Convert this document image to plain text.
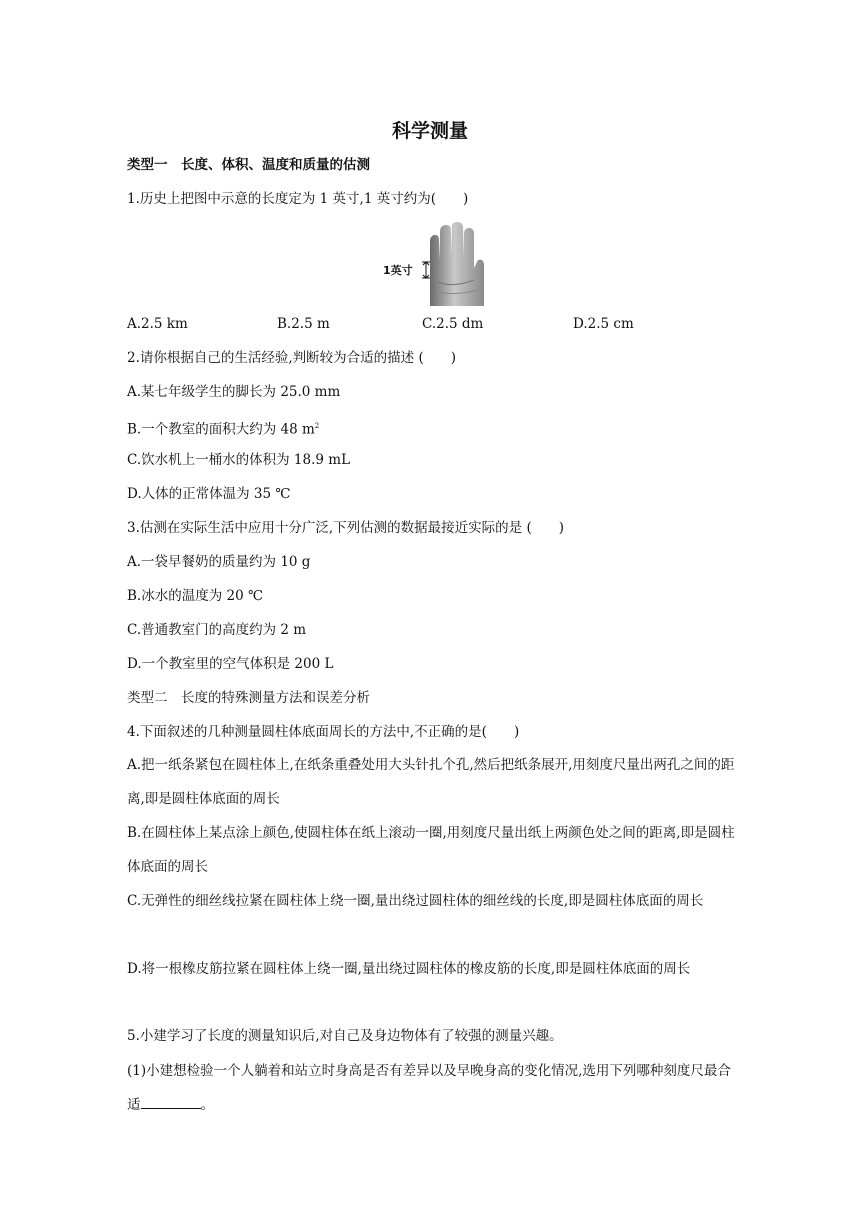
科学测量
类型一　长度、体积、温度和质量的估测
1.历史上把图中示意的长度定为 1 英寸,1 英寸约为(　　)
1英寸
A.2.5 km	B.2.5 m	C.2.5 dm	D.2.5 cm
2.请你根据自己的生活经验,判断较为合适的描述 (　　)
A.某七年级学生的脚长为 25.0 mm
B.一个教室的面积大约为 48 $m^2$
C.饮水机上一桶水的体积为 18.9 mL
D.人体的正常体温为 35 ℃
3.估测在实际生活中应用十分广泛,下列估测的数据最接近实际的是 (　　)
A.一袋早餐奶的质量约为 10 g
B.冰水的温度为 20 ℃
C.普通教室门的高度约为 2 m
D.一个教室里的空气体积是 200 L
类型二　长度的特殊测量方法和误差分析
4.下面叙述的几种测量圆柱体底面周长的方法中,不正确的是(　　)
A.把一纸条紧包在圆柱体上,在纸条重叠处用大头针扎个孔,然后把纸条展开,用刻度尺量出两孔之间的距离,即是圆柱体底面的周长
B.在圆柱体上某点涂上颜色,使圆柱体在纸上滚动一圈,用刻度尺量出纸上两颜色处之间的距离,即是圆柱体底面的周长
C.无弹性的细丝线拉紧在圆柱体上绕一圈,量出绕过圆柱体的细丝线的长度,即是圆柱体底面的周长
D.将一根橡皮筋拉紧在圆柱体上绕一圈,量出绕过圆柱体的橡皮筋的长度,即是圆柱体底面的周长
5.小建学习了长度的测量知识后,对自己及身边物体有了较强的测量兴趣。
(1)小建想检验一个人躺着和站立时身高是否有差异以及早晚身高的变化情况,选用下列哪种刻度尺最合适	。
